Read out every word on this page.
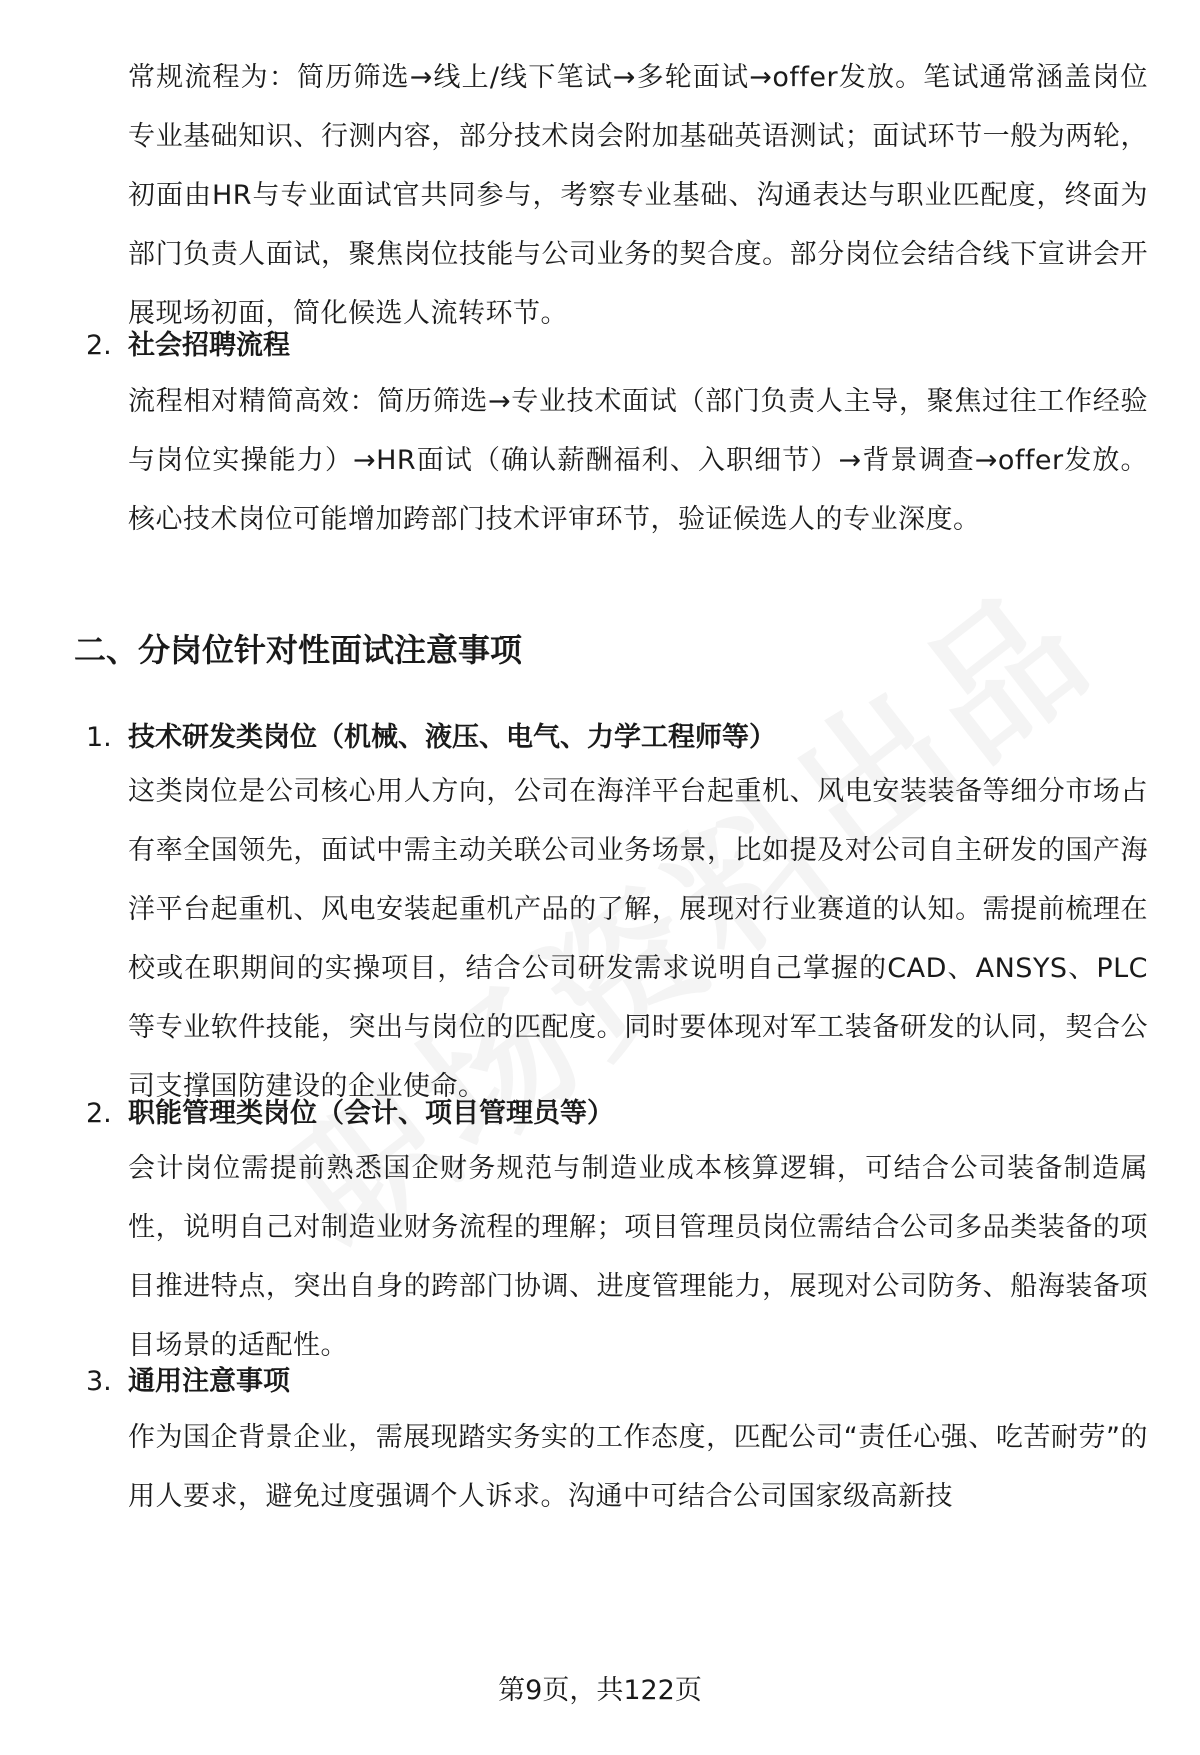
常规流程为：简历筛选→线上/线下笔试→多轮面试→offer发放。笔试通常涵盖岗位专业基础知识、行测内容，部分技术岗会附加基础英语测试；面试环节一般为两轮，初面由HR与专业面试官共同参与，考察专业基础、沟通表达与职业匹配度，终面为部门负责人面试，聚焦岗位技能与公司业务的契合度。部分岗位会结合线下宣讲会开展现场初面，简化候选人流转环节。

2. 社会招聘流程

流程相对精简高效：简历筛选→专业技术面试（部门负责人主导，聚焦过往工作经验与岗位实操能力）→HR面试（确认薪酬福利、入职细节）→背景调查→offer发放。核心技术岗位可能增加跨部门技术评审环节，验证候选人的专业深度。

二、分岗位针对性面试注意事项
1. 技术研发类岗位（机械、液压、电气、力学工程师等）

这类岗位是公司核心用人方向，公司在海洋平台起重机、风电安装装备等细分市场占有率全国领先，面试中需主动关联公司业务场景，比如提及对公司自主研发的国产海洋平台起重机、风电安装起重机产品的了解，展现对行业赛道的认知。需提前梳理在校或在职期间的实操项目，结合公司研发需求说明自己掌握的CAD、ANSYS、PLC等专业软件技能，突出与岗位的匹配度。同时要体现对军工装备研发的认同，契合公司支撑国防建设的企业使命。

2. 职能管理类岗位（会计、项目管理员等）

会计岗位需提前熟悉国企财务规范与制造业成本核算逻辑，可结合公司装备制造属性，说明自己对制造业财务流程的理解；项目管理员岗位需结合公司多品类装备的项目推进特点，突出自身的跨部门协调、进度管理能力，展现对公司防务、船海装备项目场景的适配性。

3. 通用注意事项

作为国企背景企业，需展现踏实务实的工作态度，匹配公司“责任心强、吃苦耐劳”的用人要求，避免过度强调个人诉求。沟通中可结合公司国家级高新技

第9页，共122页
